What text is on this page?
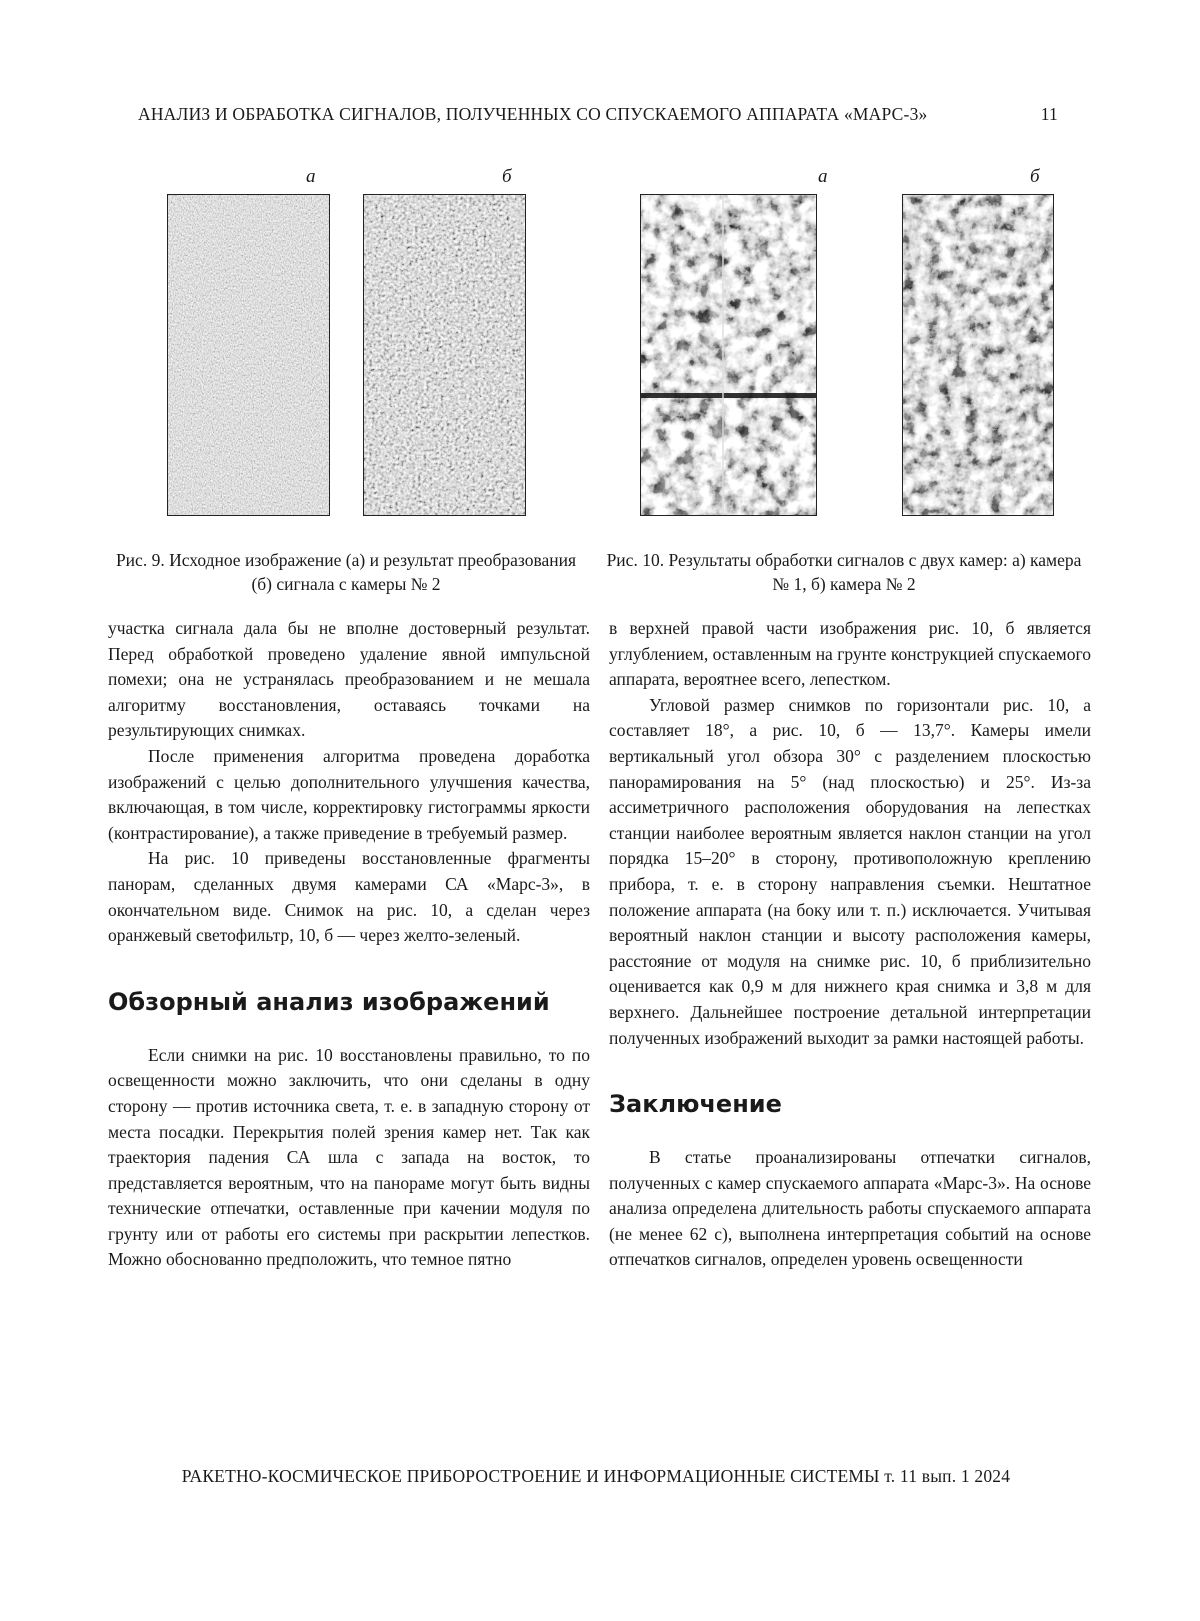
АНАЛИЗ И ОБРАБОТКА СИГНАЛОВ, ПОЛУЧЕННЫХ СО СПУСКАЕМОГО АППАРАТА «МАРС-3»	11
а	б
Рис. 9. Исходное изображение (а) и результат преобразования (б) сигнала с камеры № 2
а	б
Рис. 10. Результаты обработки сигналов с двух камер: а) камера № 1, б) камера № 2

участка сигнала дала бы не вполне достоверный результат. Перед обработкой проведено удаление явной импульсной помехи; она не устранялась преобразованием и не мешала алгоритму восстановления, оставаясь точками на результирующих снимках.

После применения алгоритма проведена доработка изображений с целью дополнительного улучшения качества, включающая, в том числе, корректировку гистограммы яркости (контрастирование), а также приведение в требуемый размер.

На рис. 10 приведены восстановленные фрагменты панорам, сделанных двумя камерами СА «Марс-3», в окончательном виде. Снимок на рис. 10, а сделан через оранжевый светофильтр, 10, б — через желто-зеленый.

Обзорный анализ изображений

Если снимки на рис. 10 восстановлены правильно, то по освещенности можно заключить, что они сделаны в одну сторону — против источника света, т. е. в западную сторону от места посадки. Перекрытия полей зрения камер нет. Так как траектория падения СА шла с запада на восток, то представляется вероятным, что на панораме могут быть видны технические отпечатки, оставленные при качении модуля по грунту или от работы его системы при раскрытии лепестков. Можно обоснованно предположить, что темное пятно

в верхней правой части изображения рис. 10, б является углублением, оставленным на грунте конструкцией спускаемого аппарата, вероятнее всего, лепестком.

Угловой размер снимков по горизонтали рис. 10, а составляет 18°, а рис. 10, б — 13,7°. Камеры имели вертикальный угол обзора 30° с разделением плоскостью панорамирования на 5° (над плоскостью) и 25°. Из-за ассиметричного расположения оборудования на лепестках станции наиболее вероятным является наклон станции на угол порядка 15–20° в сторону, противоположную креплению прибора, т. е. в сторону направления съемки. Нештатное положение аппарата (на боку или т. п.) исключается. Учитывая вероятный наклон станции и высоту расположения камеры, расстояние от модуля на снимке рис. 10, б приблизительно оценивается как 0,9 м для нижнего края снимка и 3,8 м для верхнего. Дальнейшее построение детальной интерпретации полученных изображений выходит за рамки настоящей работы.

Заключение

В статье проанализированы отпечатки сигналов, полученных с камер спускаемого аппарата «Марс-3». На основе анализа определена длительность работы спускаемого аппарата (не менее 62 с), выполнена интерпретация событий на основе отпечатков сигналов, определен уровень освещенности

РАКЕТНО-КОСМИЧЕСКОЕ ПРИБОРОСТРОЕНИЕ И ИНФОРМАЦИОННЫЕ СИСТЕМЫ т. 11 вып. 1 2024
